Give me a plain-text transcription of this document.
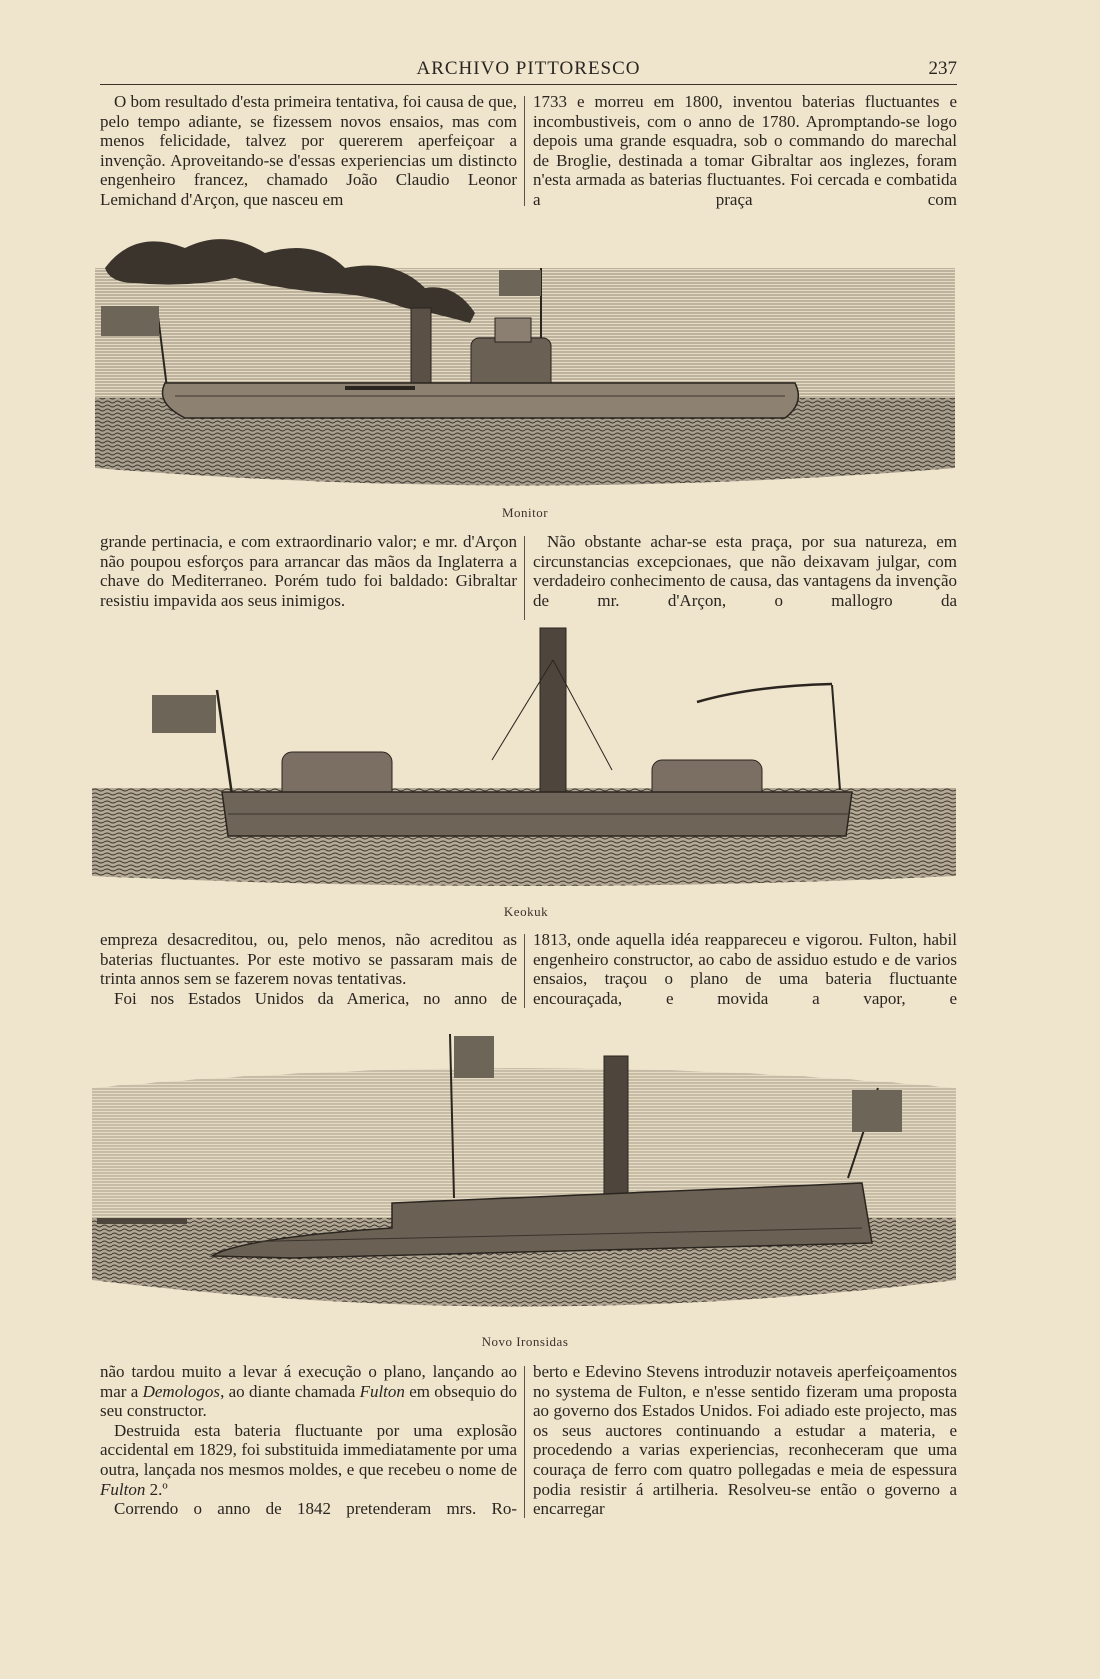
ARCHIVO PITTORESCO	237

O bom resultado d'esta primeira tentativa, foi causa de que, pelo tempo adiante, se fizessem novos ensaios, mas com menos felicidade, talvez por quererem aperfeiçoar a invenção. Aproveitando-se d'essas experiencias um distincto engenheiro francez, chamado João Claudio Leonor Lemichand d'Arçon, que nasceu em

1733 e morreu em 1800, inventou baterias fluctuantes e incombustiveis, com o anno de 1780. Apromptando-se logo depois uma grande esquadra, sob o commando do marechal de Broglie, destinada a tomar Gibraltar aos inglezes, foram n'esta armada as baterias fluctuantes. Foi cercada e combatida a praça com

Monitor

grande pertinacia, e com extraordinario valor; e mr. d'Arçon não poupou esforços para arrancar das mãos da Inglaterra a chave do Mediterraneo. Porém tudo foi baldado: Gibraltar resistiu impavida aos seus inimigos.

Não obstante achar-se esta praça, por sua natureza, em circunstancias excepcionaes, que não deixavam julgar, com verdadeiro conhecimento de causa, das vantagens da invenção de mr. d'Arçon, o mallogro da

Keokuk

empreza desacreditou, ou, pelo menos, não acreditou as baterias fluctuantes. Por este motivo se passaram mais de trinta annos sem se fazerem novas tentativas.

Foi nos Estados Unidos da America, no anno de

1813, onde aquella idéa reappareceu e vigorou. Fulton, habil engenheiro constructor, ao cabo de assiduo estudo e de varios ensaios, traçou o plano de uma bateria fluctuante encouraçada, e movida a vapor, e

Novo Ironsidas

não tardou muito a levar á execução o plano, lançando ao mar a Demologos, ao diante chamada Fulton em obsequio do seu constructor.

Destruida esta bateria fluctuante por uma explosão accidental em 1829, foi substituida immediatamente por uma outra, lançada nos mesmos moldes, e que recebeu o nome de Fulton 2.º

Correndo o anno de 1842 pretenderam mrs. Ro-

berto e Edevino Stevens introduzir notaveis aperfeiçoamentos no systema de Fulton, e n'esse sentido fizeram uma proposta ao governo dos Estados Unidos. Foi adiado este projecto, mas os seus auctores continuando a estudar a materia, e procedendo a varias experiencias, reconheceram que uma couraça de ferro com quatro pollegadas e meia de espessura podia resistir á artilheria. Resolveu-se então o governo a encarregar
